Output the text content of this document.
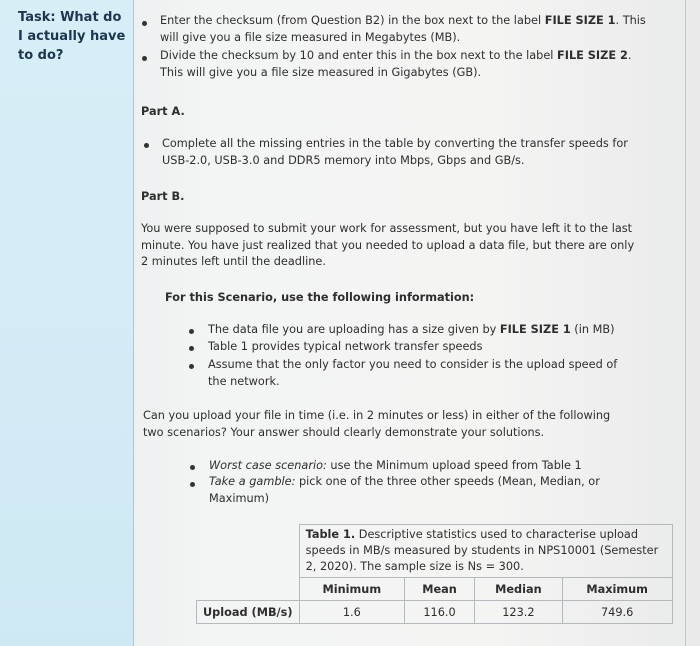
Task: What do I actually have to do?
Enter the checksum (from Question B2) in the box next to the label FILE SIZE 1. This will give you a file size measured in Megabytes (MB).
Divide the checksum by 10 and enter this in the box next to the label FILE SIZE 2. This will give you a file size measured in Gigabytes (GB).
Part A.
Complete all the missing entries in the table by converting the transfer speeds for USB-2.0, USB-3.0 and DDR5 memory into Mbps, Gbps and GB/s.
Part B.
You were supposed to submit your work for assessment, but you have left it to the last minute. You have just realized that you needed to upload a data file, but there are only 2 minutes left until the deadline.
For this Scenario, use the following information:
The data file you are uploading has a size given by FILE SIZE 1 (in MB)
Table 1 provides typical network transfer speeds
Assume that the only factor you need to consider is the upload speed of the network.
Can you upload your file in time (i.e. in 2 minutes or less) in either of the following two scenarios? Your answer should clearly demonstrate your solutions.
Worst case scenario: use the Minimum upload speed from Table 1
Take a gamble: pick one of the three other speeds (Mean, Median, or Maximum)
	Table 1. Descriptive statistics used to characterise upload speeds in MB/s measured by students in NPS10001 (Semester 2, 2020). The sample size is Ns = 300.			
	Minimum	Mean	Median	Maximum
Upload (MB/s)	1.6	116.0	123.2	749.6
